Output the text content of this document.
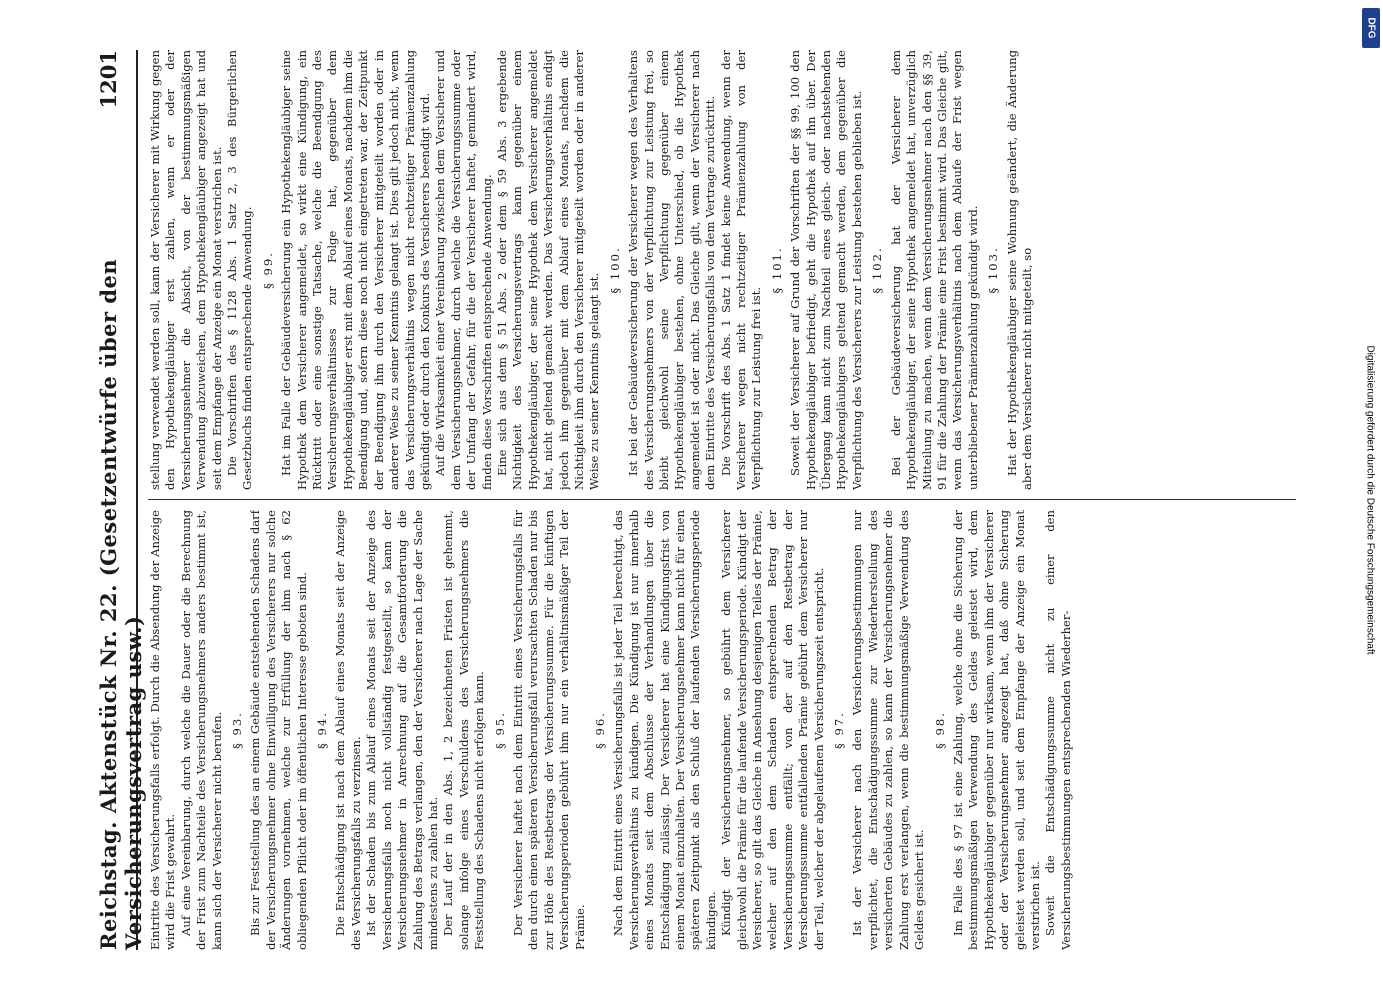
Reichstag. Aktenstück Nr. 22. (Gesetzentwürfe über den Versicherungsvertrag usw.)
1201

Eintritte des Versicherungsfalls erfolgt. Durch die Absendung der Anzeige wird die Frist gewahrt. Auf eine Vereinbarung, durch welche die Dauer oder die Berechnung der Frist zum Nachteile des Versicherungsnehmers anders bestimmt ist, kann sich der Versicherer nicht berufen. § 93. Bis zur Feststellung des an einem Gebäude entstehenden Schadens darf der Versicherungsnehmer ohne Einwilligung des Versicherers nur solche Änderungen vornehmen, welche zur Erfüllung der ihm nach § 62 obliegenden Pflicht oder im öffentlichen Interesse geboten sind. § 94. Die Entschädigung ist nach dem Ablauf eines Monats seit der Anzeige des Versicherungsfalls zu verzinsen. Ist der Schaden bis zum Ablauf eines Monats seit der Anzeige des Versicherungsfalls noch nicht vollständig festgestellt, so kann der Versicherungsnehmer in Anrechnung auf die Gesamtforderung die Zahlung des Betrags verlangen, den der Versicherer nach Lage der Sache mindestens zu zahlen hat. Der Lauf der in den Abs. 1, 2 bezeichneten Fristen ist gehemmt, solange infolge eines Verschuldens des Versicherungsnehmers die Feststellung des Schadens nicht erfolgen kann. § 95. Der Versicherer haftet nach dem Eintritt eines Versicherungsfalls für den durch einen späteren Versicherungsfall verursachten Schaden nur bis zur Höhe des Restbetrags der Versicherungssumme. Für die künftigen Versicherungsperioden gebührt ihm nur ein verhältnismäßiger Teil der Prämie.

§ 96. Nach dem Eintritt eines Versicherungsfalls ist jeder Teil berechtigt, das Versicherungsverhältnis zu kündigen. Die Kündigung ist nur innerhalb eines Monats seit dem Abschlusse der Verhandlungen über die Entschädigung zulässig. Der Versicherer hat eine Kündigungsfrist von einem Monat einzuhalten. Der Versicherungsnehmer kann nicht für einen späteren Zeitpunkt als den Schluß der laufenden Versicherungsperiode kündigen. Kündigt der Versicherungsnehmer, so gebührt dem Versicherer gleichwohl die Prämie für die laufende Versicherungsperiode. Kündigt der Versicherer, so gilt das Gleiche in Ansehung desjenigen Teiles der Prämie, welcher auf den dem Schaden entsprechenden Betrag der Versicherungssumme entfällt; von der auf den Restbetrag der Versicherungssumme entfallenden Prämie gebührt dem Versicherer nur der Teil, welcher der abgelaufenen Versicherungszeit entspricht. § 97. Ist der Versicherer nach den Versicherungsbestimmungen nur verpflichtet, die Entschädigungssumme zur Wiederherstellung des versicherten Gebäudes zu zahlen, so kann der Versicherungsnehmer die Zahlung erst verlangen, wenn die bestimmungsmäßige Verwendung des Geldes gesichert ist.

§ 98. Im Falle des § 97 ist eine Zahlung, welche ohne die Sicherung der bestimmungsmäßigen Verwendung des Geldes geleistet wird, dem Hypothekengläubiger gegenüber nur wirksam, wenn ihm der Versicherer oder der Versicherungsnehmer angezeigt hat, daß ohne Sicherung geleistet werden soll, und seit dem Empfange der Anzeige ein Monat verstrichen ist. Soweit die Entschädigungssumme nicht zu einer den Versicherungsbestimmungen entsprechenden Wiederher-

stellung verwendet werden soll, kann der Versicherer mit Wirkung gegen den Hypothekengläubiger erst zahlen, wenn er oder der Versicherungsnehmer die Absicht, von der bestimmungsmäßigen Verwendung abzuweichen, dem Hypothekengläubiger angezeigt hat und seit dem Empfange der Anzeige ein Monat verstrichen ist. Die Vorschriften des § 1128 Abs. 1 Satz 2, 3 des Bürgerlichen Gesetzbuchs finden entsprechende Anwendung. § 99. Hat im Falle der Gebäudeversicherung ein Hypothekengläubiger seine Hypothek dem Versicherer angemeldet, so wirkt eine Kündigung, ein Rücktritt oder eine sonstige Tatsache, welche die Beendigung des Versicherungsverhältnisses zur Folge hat, gegenüber dem Hypothekengläubiger erst mit dem Ablauf eines Monats, nachdem ihm die Beendigung und, sofern diese noch nicht eingetreten war, der Zeitpunkt der Beendigung ihm durch den Versicherer mitgeteilt worden oder in anderer Weise zu seiner Kenntnis gelangt ist. Dies gilt jedoch nicht, wenn das Versicherungsverhältnis wegen nicht rechtzeitiger Prämienzahlung gekündigt oder durch den Konkurs des Versicherers beendigt wird. Auf die Wirksamkeit einer Vereinbarung zwischen dem Versicherer und dem Versicherungsnehmer, durch welche die Versicherungssumme oder der Umfang der Gefahr, für die der Versicherer haftet, gemindert wird, finden diese Vorschriften entsprechende Anwendung. Eine sich aus dem § 51 Abs. 2 oder dem § 59 Abs. 3 ergebende Nichtigkeit des Versicherungsvertrags kann gegenüber einem Hypothekengläubiger, der seine Hypothek dem Versicherer angemeldet hat, nicht geltend gemacht werden. Das Versicherungsverhältnis endigt jedoch ihm gegenüber mit dem Ablauf eines Monats, nachdem die Nichtigkeit ihm durch den Versicherer mitgeteilt worden oder in anderer Weise zu seiner Kenntnis gelangt ist.

§ 100. Ist bei der Gebäudeversicherung der Versicherer wegen des Verhaltens des Versicherungsnehmers von der Verpflichtung zur Leistung frei, so bleibt gleichwohl seine Verpflichtung gegenüber einem Hypothekengläubiger bestehen, ohne Unterschied, ob die Hypothek angemeldet ist oder nicht. Das Gleiche gilt, wenn der Versicherer nach dem Eintritte des Versicherungsfalls von dem Vertrage zurücktritt. Die Vorschrift des Abs. 1 Satz 1 findet keine Anwendung, wenn der Versicherer wegen nicht rechtzeitiger Prämienzahlung von der Verpflichtung zur Leistung frei ist.

§ 101. Soweit der Versicherer auf Grund der Vorschriften der §§ 99, 100 den Hypothekengläubiger befriedigt, geht die Hypothek auf ihn über. Der Übergang kann nicht zum Nachteil eines gleich- oder nachstehenden Hypothekengläubigers geltend gemacht werden, dem gegenüber die Verpflichtung des Versicherers zur Leistung bestehen geblieben ist. § 102. Bei der Gebäudeversicherung hat der Versicherer dem Hypothekengläubiger, der seine Hypothek angemeldet hat, unverzüglich Mitteilung zu machen, wenn dem Versicherungsnehmer nach den §§ 39, 91 für die Zahlung der Prämie eine Frist bestimmt wird. Das Gleiche gilt, wenn das Versicherungsverhältnis nach dem Ablaufe der Frist wegen unterbliebener Prämienzahlung gekündigt wird. § 103. Hat der Hypothekengläubiger seine Wohnung geändert, die Änderung aber dem Versicherer nicht mitgeteilt, so

DFG
Digitalisierung gefördert durch die Deutsche Forschungsgemeinschaft
